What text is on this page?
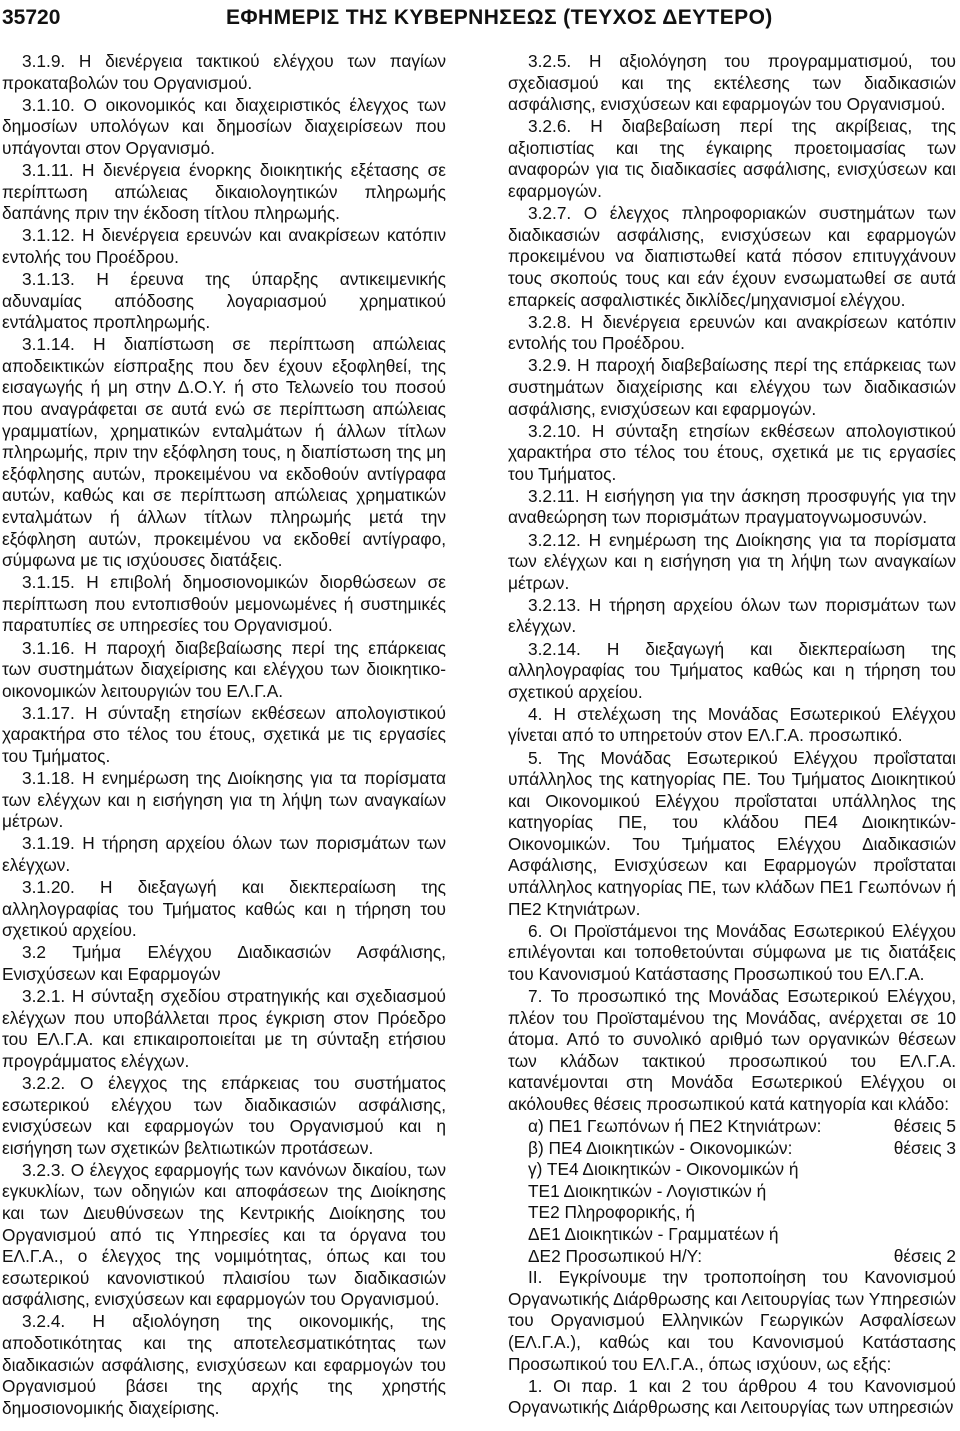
35720	ΕΦΗΜΕΡΙΣ ΤΗΣ ΚΥΒΕΡΝΗΣΕΩΣ (ΤΕΥΧΟΣ ΔΕΥΤΕΡΟ)

3.1.9. Η διενέργεια τακτικού ελέγχου των παγίων προκαταβολών του Οργανισμού.

3.1.10. Ο οικονομικός και διαχειριστικός έλεγχος των δημοσίων υπολόγων και δημοσίων διαχειρίσεων που υπάγονται στον Οργανισμό.

3.1.11. Η διενέργεια ένορκης διοικητικής εξέτασης σε περίπτωση απώλειας δικαιολογητικών πληρωμής δαπάνης πριν την έκδοση τίτλου πληρωμής.

3.1.12. Η διενέργεια ερευνών και ανακρίσεων κατόπιν εντολής του Προέδρου.

3.1.13. Η έρευνα της ύπαρξης αντικειμενικής αδυναμίας απόδοσης λογαριασμού χρηματικού εντάλματος προπληρωμής.

3.1.14. Η διαπίστωση σε περίπτωση απώλειας αποδεικτικών είσπραξης που δεν έχουν εξοφληθεί, της εισαγωγής ή μη στην Δ.Ο.Υ. ή στο Τελωνείο του ποσού που αναγράφεται σε αυτά ενώ σε περίπτωση απώλειας γραμματίων, χρηματικών ενταλμάτων ή άλλων τίτλων πληρωμής, πριν την εξόφληση τους, η διαπίστωση της μη εξόφλησης αυτών, προκειμένου να εκδοθούν αντίγραφα αυτών, καθώς και σε περίπτωση απώλειας χρηματικών ενταλμάτων ή άλλων τίτλων πληρωμής μετά την εξόφληση αυτών, προκειμένου να εκδοθεί αντίγραφο, σύμφωνα με τις ισχύουσες διατάξεις.

3.1.15. Η επιβολή δημοσιονομικών διορθώσεων σε περίπτωση που εντοπισθούν μεμονωμένες ή συστημικές παρατυπίες σε υπηρεσίες του Οργανισμού.

3.1.16. Η παροχή διαβεβαίωσης περί της επάρκειας των συστημάτων διαχείρισης και ελέγχου των διοικητικο-οικονομικών λειτουργιών του ΕΛ.Γ.Α.

3.1.17. Η σύνταξη ετησίων εκθέσεων απολογιστικού χαρακτήρα στο τέλος του έτους, σχετικά με τις εργασίες του Τμήματος.

3.1.18. Η ενημέρωση της Διοίκησης για τα πορίσματα των ελέγχων και η εισήγηση για τη λήψη των αναγκαίων μέτρων.

3.1.19. Η τήρηση αρχείου όλων των πορισμάτων των ελέγχων.

3.1.20. Η διεξαγωγή και διεκπεραίωση της αλληλογραφίας του Τμήματος καθώς και η τήρηση του σχετικού αρχείου.

3.2 Τμήμα Ελέγχου Διαδικασιών Ασφάλισης, Ενισχύσεων και Εφαρμογών

3.2.1. Η σύνταξη σχεδίου στρατηγικής και σχεδιασμού ελέγχων που υποβάλλεται προς έγκριση στον Πρόεδρο του ΕΛ.Γ.Α. και επικαιροποιείται με τη σύνταξη ετήσιου προγράμματος ελέγχων.

3.2.2. Ο έλεγχος της επάρκειας του συστήματος εσωτερικού ελέγχου των διαδικασιών ασφάλισης, ενισχύσεων και εφαρμογών του Οργανισμού και η εισήγηση των σχετικών βελτιωτικών προτάσεων.

3.2.3. Ο έλεγχος εφαρμογής των κανόνων δικαίου, των εγκυκλίων, των οδηγιών και αποφάσεων της Διοίκησης και των Διευθύνσεων της Κεντρικής Διοίκησης του Οργανισμού από τις Υπηρεσίες και τα όργανα του ΕΛ.Γ.Α., ο έλεγχος της νομιμότητας, όπως και του εσωτερικού κανονιστικού πλαισίου των διαδικασιών ασφάλισης, ενισχύσεων και εφαρμογών του Οργανισμού.

3.2.4. Η αξιολόγηση της οικονομικής, της αποδοτικότητας και της αποτελεσματικότητας των διαδικασιών ασφάλισης, ενισχύσεων και εφαρμογών του Οργανισμού βάσει της αρχής της χρηστής δημοσιονομικής διαχείρισης.

3.2.5. Η αξιολόγηση του προγραμματισμού, του σχεδιασμού και της εκτέλεσης των διαδικασιών ασφάλισης, ενισχύσεων και εφαρμογών του Οργανισμού.

3.2.6. Η διαβεβαίωση περί της ακρίβειας, της αξιοπιστίας και της έγκαιρης προετοιμασίας των αναφορών για τις διαδικασίες ασφάλισης, ενισχύσεων και εφαρμογών.

3.2.7. Ο έλεγχος πληροφοριακών συστημάτων των διαδικασιών ασφάλισης, ενισχύσεων και εφαρμογών προκειμένου να διαπιστωθεί κατά πόσον επιτυγχάνουν τους σκοπούς τους και εάν έχουν ενσωματωθεί σε αυτά επαρκείς ασφαλιστικές δικλίδες/μηχανισμοί ελέγχου.

3.2.8. Η διενέργεια ερευνών και ανακρίσεων κατόπιν εντολής του Προέδρου.

3.2.9. Η παροχή διαβεβαίωσης περί της επάρκειας των συστημάτων διαχείρισης και ελέγχου των διαδικασιών ασφάλισης, ενισχύσεων και εφαρμογών.

3.2.10. Η σύνταξη ετησίων εκθέσεων απολογιστικού χαρακτήρα στο τέλος του έτους, σχετικά με τις εργασίες του Τμήματος.

3.2.11. Η εισήγηση για την άσκηση προσφυγής για την αναθεώρηση των πορισμάτων πραγματογνωμοσυνών.

3.2.12. Η ενημέρωση της Διοίκησης για τα πορίσματα των ελέγχων και η εισήγηση για τη λήψη των αναγκαίων μέτρων.

3.2.13. Η τήρηση αρχείου όλων των πορισμάτων των ελέγχων.

3.2.14. Η διεξαγωγή και διεκπεραίωση της αλληλογραφίας του Τμήματος καθώς και η τήρηση του σχετικού αρχείου.

4. Η στελέχωση της Μονάδας Εσωτερικού Ελέγχου γίνεται από το υπηρετούν στον ΕΛ.Γ.Α. προσωπικό.

5. Της Μονάδας Εσωτερικού Ελέγχου προΐσταται υπάλληλος της κατηγορίας ΠΕ. Του Τμήματος Διοικητικού και Οικονομικού Ελέγχου προΐσταται υπάλληλος της κατηγορίας ΠΕ, του κλάδου ΠΕ4 Διοικητικών-Οικονομικών. Του Τμήματος Ελέγχου Διαδικασιών Ασφάλισης, Ενισχύσεων και Εφαρμογών προΐσταται υπάλληλος κατηγορίας ΠΕ, των κλάδων ΠΕ1 Γεωπόνων ή ΠΕ2 Κτηνιάτρων.

6. Οι Προϊστάμενοι της Μονάδας Εσωτερικού Ελέγχου επιλέγονται και τοποθετούνται σύμφωνα με τις διατάξεις του Κανονισμού Κατάστασης Προσωπικού του ΕΛ.Γ.Α.

7. Το προσωπικό της Μονάδας Εσωτερικού Ελέγχου, πλέον του Προϊσταμένου της Μονάδας, ανέρχεται σε 10 άτομα. Από το συνολικό αριθμό των οργανικών θέσεων των κλάδων τακτικού προσωπικού του ΕΛ.Γ.Α. κατανέμονται στη Μονάδα Εσωτερικού Ελέγχου οι ακόλουθες θέσεις προσωπικού κατά κατηγορία και κλάδο:

α) ΠΕ1 Γεωπόνων ή ΠΕ2 Κτηνιάτρων:	θέσεις 5
β) ΠΕ4 Διοικητικών - Οικονομικών:	θέσεις 3
γ) ΤΕ4 Διοικητικών - Οικονομικών ή
ΤΕ1 Διοικητικών - Λογιστικών ή
ΤΕ2 Πληροφορικής, ή
ΔΕ1 Διοικητικών - Γραμματέων ή
ΔΕ2 Προσωπικού Η/Υ:	θέσεις 2

ΙΙ. Εγκρίνουμε την τροποποίηση του Κανονισμού Οργανωτικής Διάρθρωσης και Λειτουργίας των Υπηρεσιών του Οργανισμού Ελληνικών Γεωργικών Ασφαλίσεων (ΕΛ.Γ.Α.), καθώς και του Κανονισμού Κατάστασης Προσωπικού του ΕΛ.Γ.Α., όπως ισχύουν, ως εξής:

1. Οι παρ. 1 και 2 του άρθρου 4 του Κανονισμού Οργανωτικής Διάρθρωσης και Λειτουργίας των υπηρεσιών
